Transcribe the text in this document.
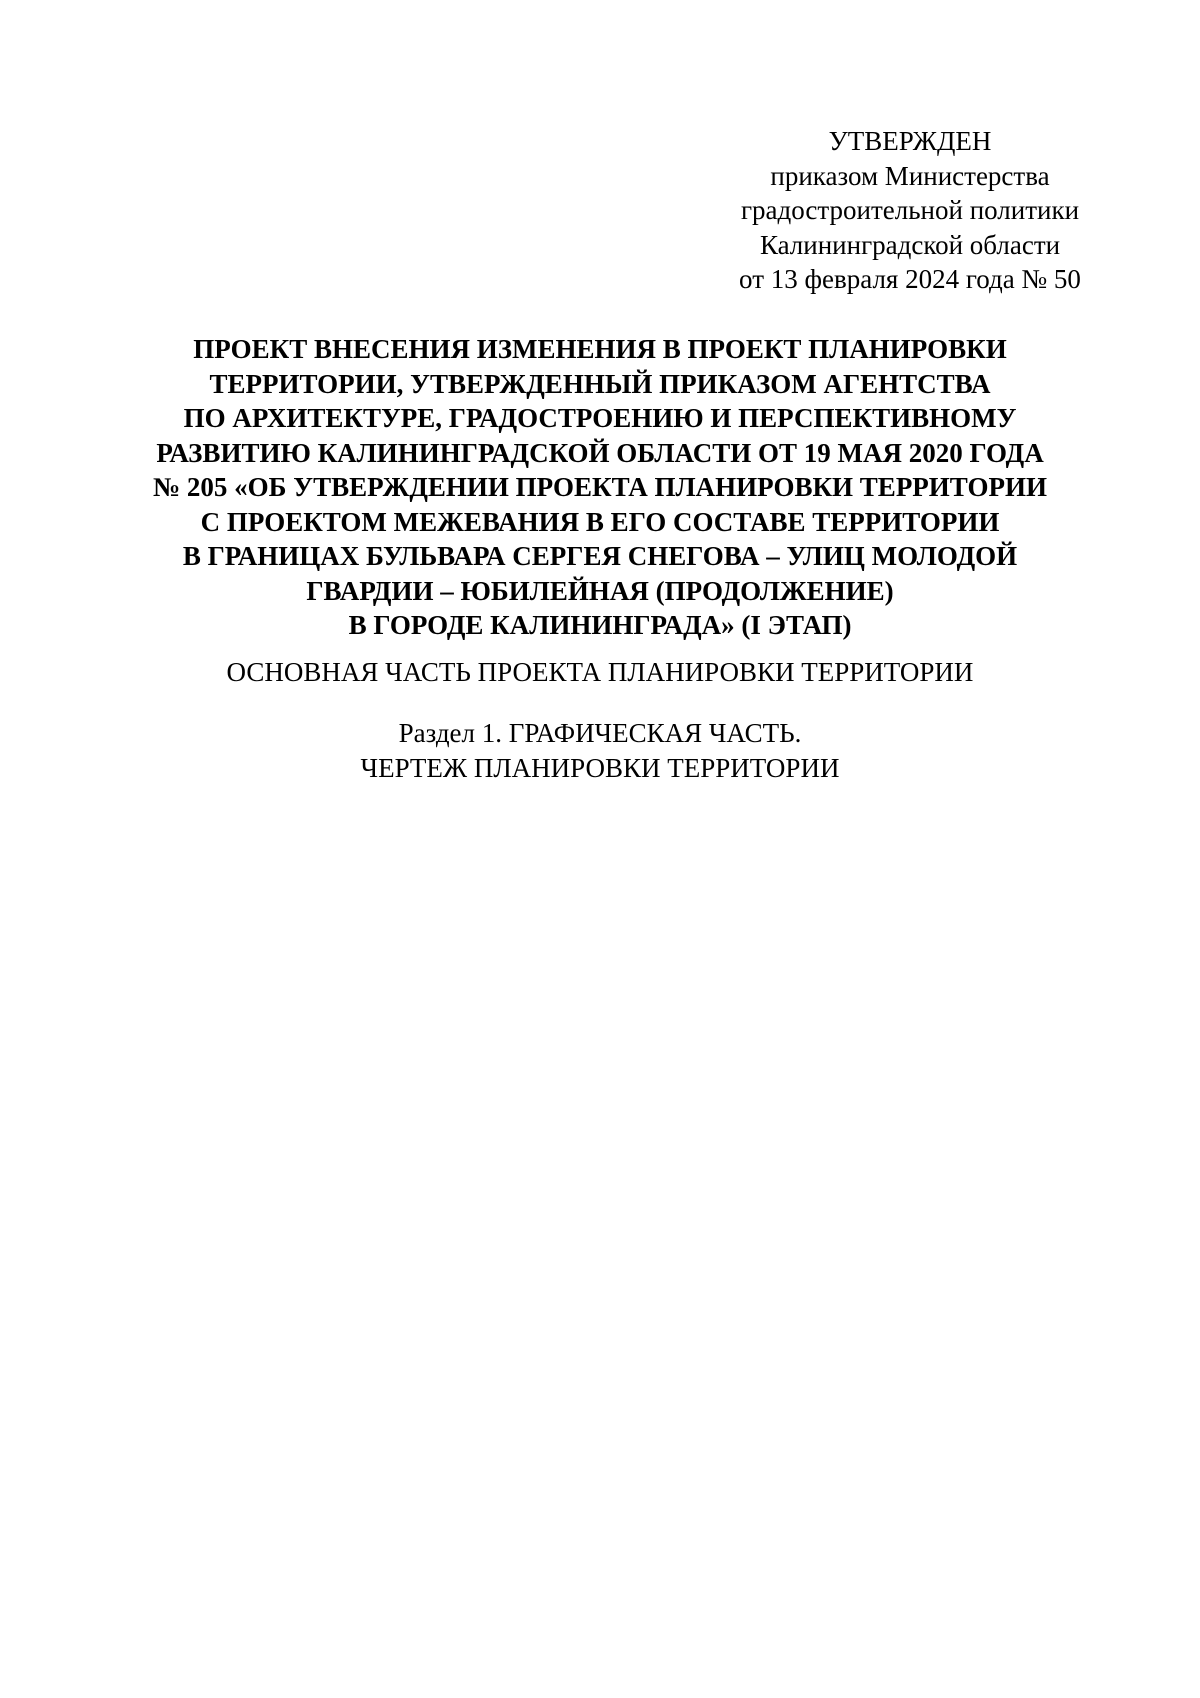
УТВЕРЖДЕН
приказом Министерства
градостроительной политики
Калининградской области
от 13 февраля 2024 года № 50
ПРОЕКТ ВНЕСЕНИЯ ИЗМЕНЕНИЯ В ПРОЕКТ ПЛАНИРОВКИ
ТЕРРИТОРИИ, УТВЕРЖДЕННЫЙ ПРИКАЗОМ АГЕНТСТВА
ПО АРХИТЕКТУРЕ, ГРАДОСТРОЕНИЮ И ПЕРСПЕКТИВНОМУ
РАЗВИТИЮ КАЛИНИНГРАДСКОЙ ОБЛАСТИ ОТ 19 МАЯ 2020 ГОДА
№ 205 «ОБ УТВЕРЖДЕНИИ ПРОЕКТА ПЛАНИРОВКИ ТЕРРИТОРИИ
С ПРОЕКТОМ МЕЖЕВАНИЯ В ЕГО СОСТАВЕ ТЕРРИТОРИИ
В ГРАНИЦАХ БУЛЬВАРА СЕРГЕЯ СНЕГОВА – УЛИЦ МОЛОДОЙ
ГВАРДИИ – ЮБИЛЕЙНАЯ (ПРОДОЛЖЕНИЕ)
В ГОРОДЕ КАЛИНИНГРАДА» (I ЭТАП)
ОСНОВНАЯ ЧАСТЬ ПРОЕКТА ПЛАНИРОВКИ ТЕРРИТОРИИ
Раздел 1. ГРАФИЧЕСКАЯ ЧАСТЬ.
ЧЕРТЕЖ ПЛАНИРОВКИ ТЕРРИТОРИИ
